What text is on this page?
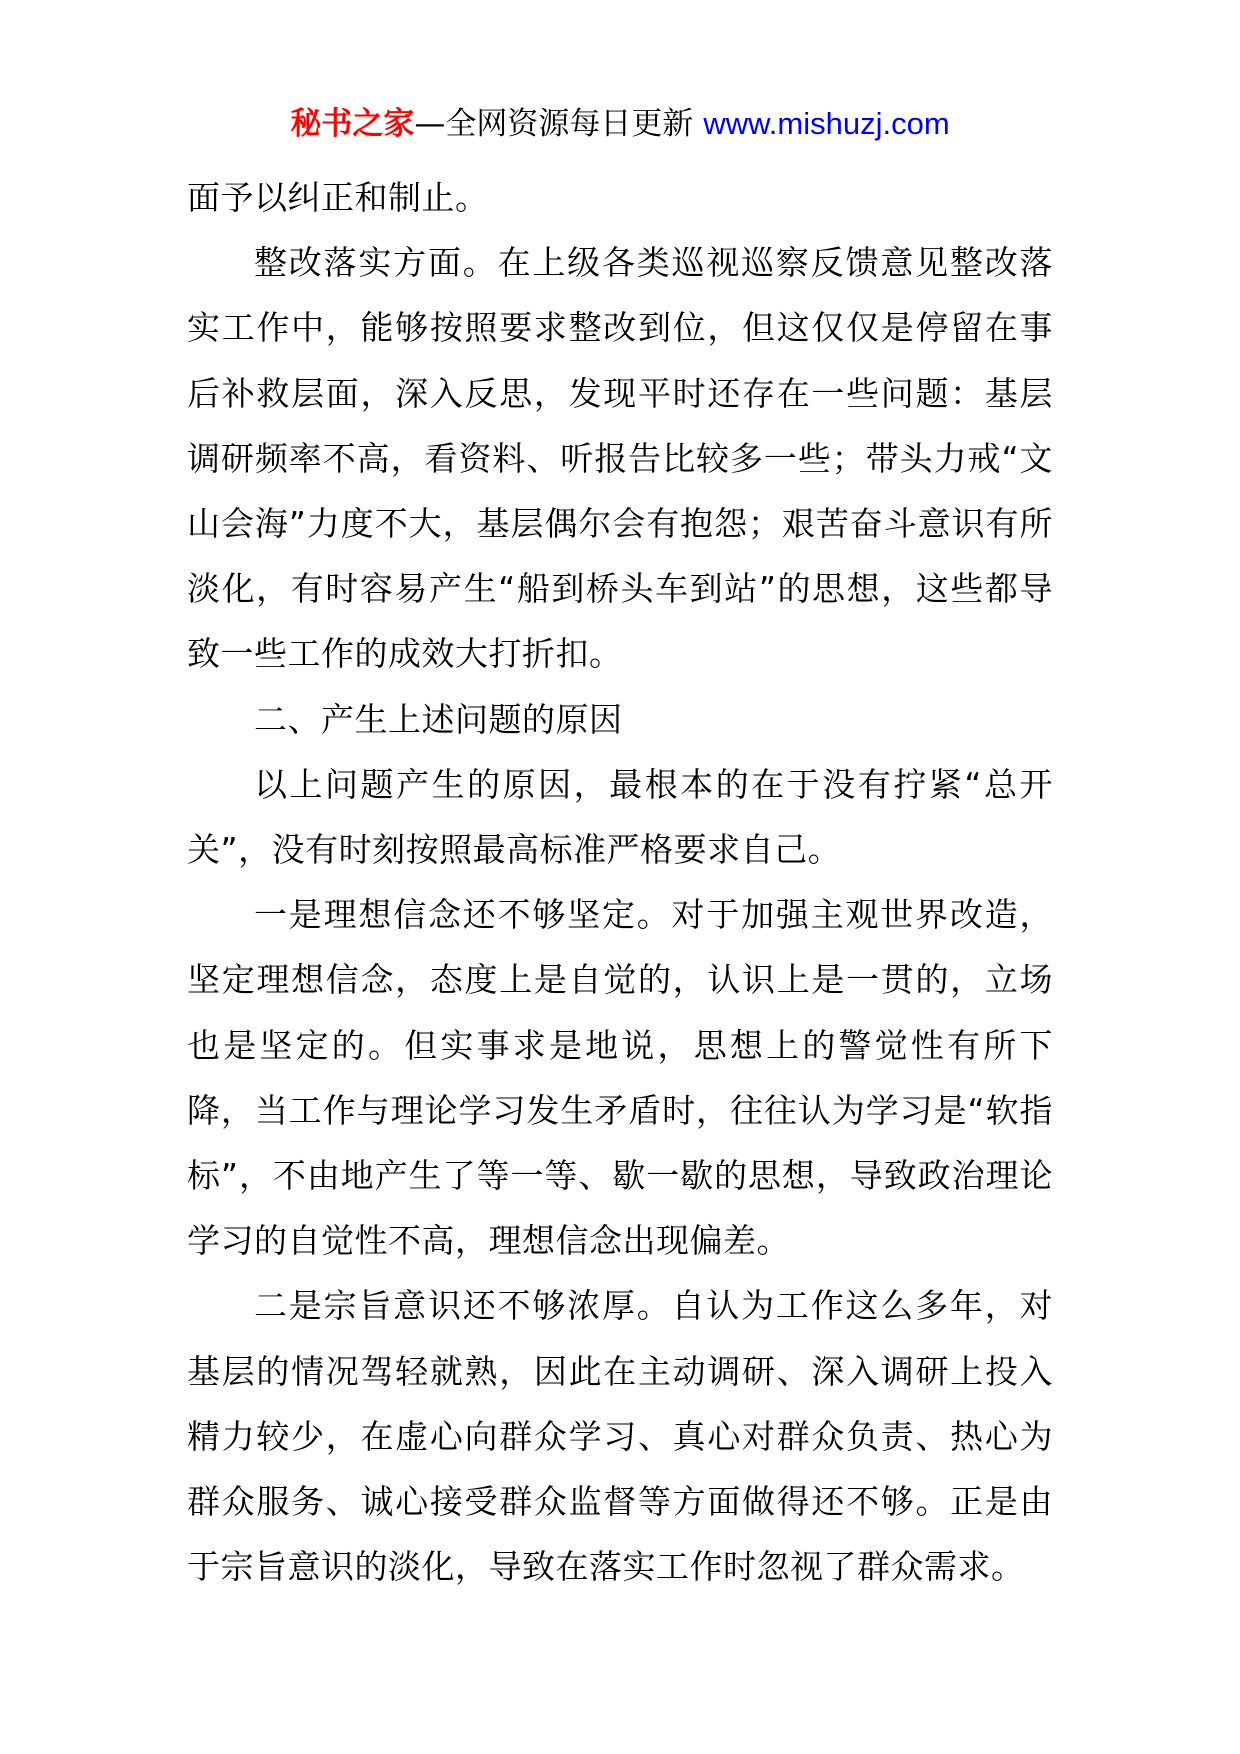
秘书之家—全网资源每日更新 www.mishuzj.com

面予以纠正和制止。

整改落实方面。在上级各类巡视巡察反馈意见整改落实工作中，能够按照要求整改到位，但这仅仅是停留在事后补救层面，深入反思，发现平时还存在一些问题：基层调研频率不高，看资料、听报告比较多一些；带头力戒“文山会海”力度不大，基层偶尔会有抱怨；艰苦奋斗意识有所淡化，有时容易产生“船到桥头车到站”的思想，这些都导致一些工作的成效大打折扣。

二、产生上述问题的原因

以上问题产生的原因，最根本的在于没有拧紧“总开关”，没有时刻按照最高标准严格要求自己。

一是理想信念还不够坚定。对于加强主观世界改造，坚定理想信念，态度上是自觉的，认识上是一贯的，立场也是坚定的。但实事求是地说，思想上的警觉性有所下降，当工作与理论学习发生矛盾时，往往认为学习是“软指标”，不由地产生了等一等、歇一歇的思想，导致政治理论学习的自觉性不高，理想信念出现偏差。

二是宗旨意识还不够浓厚。自认为工作这么多年，对基层的情况驾轻就熟，因此在主动调研、深入调研上投入精力较少，在虚心向群众学习、真心对群众负责、热心为群众服务、诚心接受群众监督等方面做得还不够。正是由于宗旨意识的淡化，导致在落实工作时忽视了群众需求。
